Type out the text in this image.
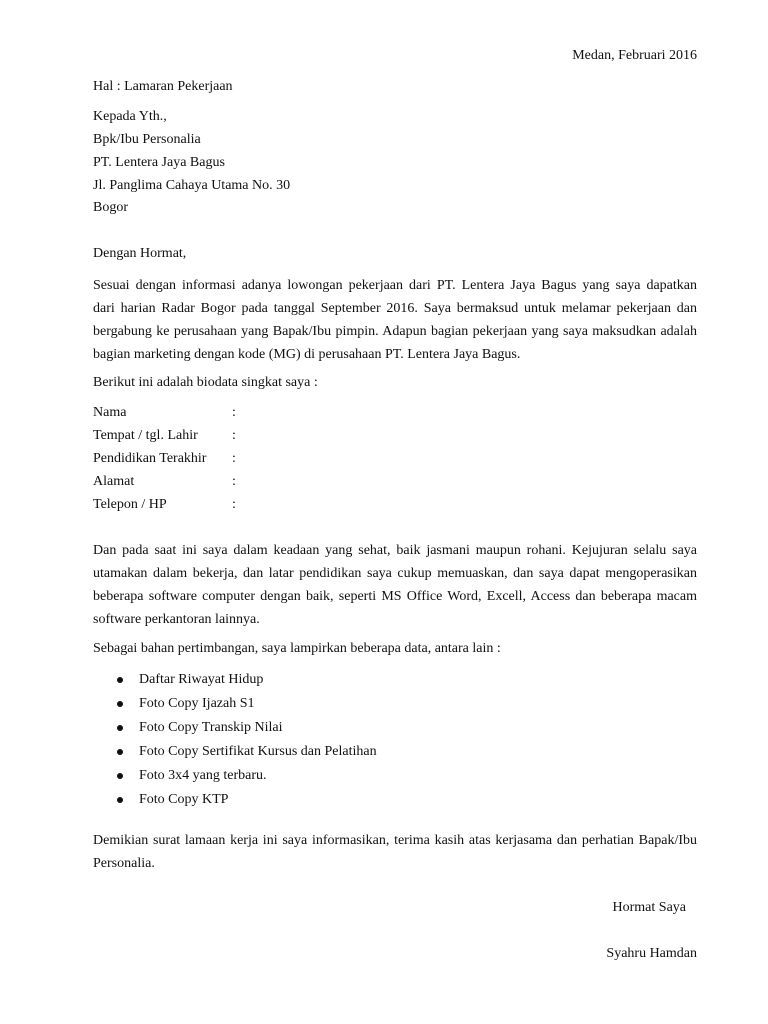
Medan, Februari 2016
Hal : Lamaran Pekerjaan
Kepada Yth.,
Bpk/Ibu Personalia
PT. Lentera Jaya Bagus
Jl. Panglima Cahaya Utama No. 30
Bogor
Dengan Hormat,
Sesuai dengan informasi adanya lowongan pekerjaan dari PT. Lentera Jaya Bagus yang saya dapatkan
dari harian Radar Bogor pada tanggal September 2016. Saya bermaksud untuk melamar pekerjaan dan
bergabung ke perusahaan yang Bapak/Ibu pimpin. Adapun bagian pekerjaan yang saya maksudkan adalah
bagian marketing dengan kode (MG) di perusahaan PT. Lentera Jaya Bagus.
Berikut ini adalah biodata singkat saya :
Nama	:
Tempat / tgl. Lahir :
Pendidikan Terakhir :
Alamat	:
Telepon / HP	:
Dan pada saat ini saya dalam keadaan yang sehat, baik jasmani maupun rohani. Kejujuran selalu saya
utamakan dalam bekerja, dan latar pendidikan saya cukup memuaskan, dan saya dapat mengoperasikan
beberapa software computer dengan baik, seperti MS Office Word, Excell, Access dan beberapa macam
software perkantoran lainnya.
Sebagai bahan pertimbangan, saya lampirkan beberapa data, antara lain :
Daftar Riwayat Hidup
Foto Copy Ijazah S1
Foto Copy Transkip Nilai
Foto Copy Sertifikat Kursus dan Pelatihan
Foto 3x4 yang terbaru.
Foto Copy KTP
Demikian surat lamaan kerja ini saya informasikan, terima kasih atas kerjasama dan perhatian Bapak/Ibu
Personalia.
Hormat Saya
Syahru Hamdan
